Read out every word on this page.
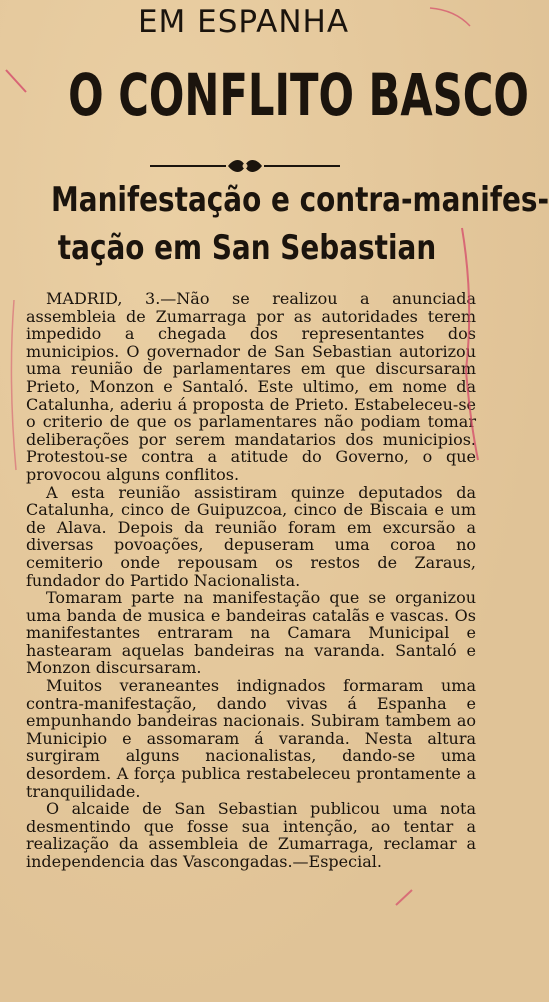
EM ESPANHA
O CONFLITO BASCO
Manifestação e contra-manifes-
tação em San Sebastian

MADRID, 3.—Não se realizou a anunciada assembleia de Zumarraga por as autoridades terem impedido a chegada dos representantes dos municipios. O governador de San Sebastian autorizou uma reunião de parlamentares em que discursaram Prieto, Monzon e Santaló. Este ultimo, em nome da Catalunha, aderiu á proposta de Prieto. Estabeleceu-se o criterio de que os parlamentares não podiam tomar deliberações por serem mandatarios dos municipios. Protestou-se contra a atitude do Governo, o que provocou alguns conflitos.

A esta reunião assistiram quinze deputados da Catalunha, cinco de Guipuzcoa, cinco de Biscaia e um de Alava. Depois da reunião foram em excursão a diversas povoações, depuseram uma coroa no cemiterio onde repousam os restos de Zaraus, fundador do Partido Nacionalista.

Tomaram parte na manifestação que se organizou uma banda de musica e bandeiras catalãs e vascas. Os manifestantes entraram na Camara Municipal e hastearam aquelas bandeiras na varanda. Santaló e Monzon discursaram.

Muitos veraneantes indignados formaram uma contra-manifestação, dando vivas á Espanha e empunhando bandeiras nacionais. Subiram tambem ao Municipio e assomaram á varanda. Nesta altura surgiram alguns nacionalistas, dando-se uma desordem. A força publica restabeleceu prontamente a tranquilidade.

O alcaide de San Sebastian publicou uma nota desmentindo que fosse sua intenção, ao tentar a realização da assembleia de Zumarraga, reclamar a independencia das Vascongadas.—Especial.
